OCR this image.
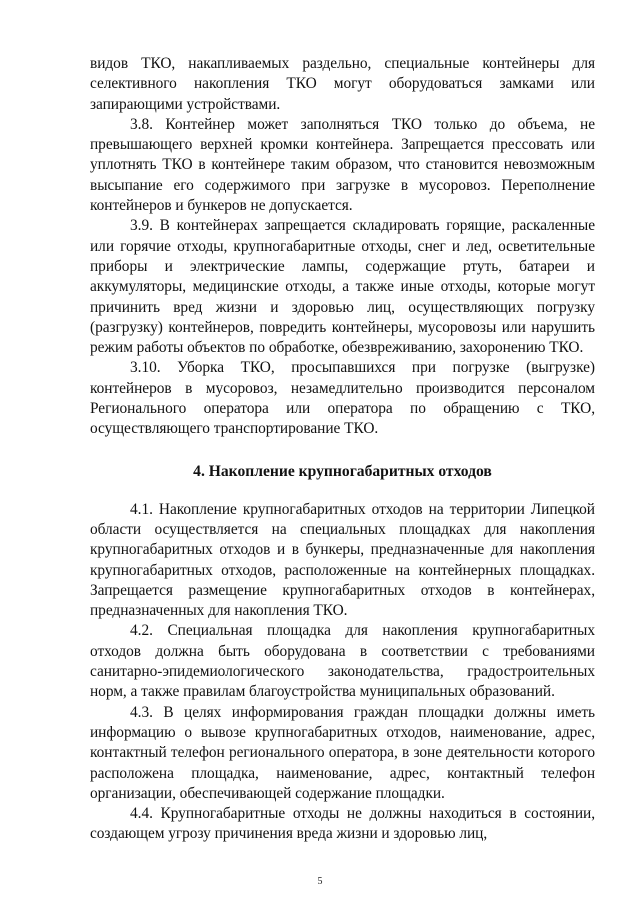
видов ТКО, накапливаемых раздельно, специальные контейнеры для селективного накопления ТКО могут оборудоваться замками или запирающими устройствами.

3.8. Контейнер может заполняться ТКО только до объема, не превышающего верхней кромки контейнера. Запрещается прессовать или уплотнять ТКО в контейнере таким образом, что становится невозможным высыпание его содержимого при загрузке в мусоровоз. Переполнение контейнеров и бункеров не допускается.

3.9. В контейнерах запрещается складировать горящие, раскаленные или горячие отходы, крупногабаритные отходы, снег и лед, осветительные приборы и электрические лампы, содержащие ртуть, батареи и аккумуляторы, медицинские отходы, а также иные отходы, которые могут причинить вред жизни и здоровью лиц, осуществляющих погрузку (разгрузку) контейнеров, повредить контейнеры, мусоровозы или нарушить режим работы объектов по обработке, обезвреживанию, захоронению ТКО.

3.10. Уборка ТКО, просыпавшихся при погрузке (выгрузке) контейнеров в мусоровоз, незамедлительно производится персоналом Регионального оператора или оператора по обращению с ТКО, осуществляющего транспортирование ТКО.

4. Накопление крупногабаритных отходов

4.1. Накопление крупногабаритных отходов на территории Липецкой области осуществляется на специальных площадках для накопления крупногабаритных отходов и в бункеры, предназначенные для накопления крупногабаритных отходов, расположенные на контейнерных площадках. Запрещается размещение крупногабаритных отходов в контейнерах, предназначенных для накопления ТКО.

4.2. Специальная площадка для накопления крупногабаритных отходов должна быть оборудована в соответствии с требованиями санитарно-эпидемиологического законодательства, градостроительных норм, а также правилам благоустройства муниципальных образований.

4.3. В целях информирования граждан площадки должны иметь информацию о вывозе крупногабаритных отходов, наименование, адрес, контактный телефон регионального оператора, в зоне деятельности которого расположена площадка, наименование, адрес, контактный телефон организации, обеспечивающей содержание площадки.

4.4. Крупногабаритные отходы не должны находиться в состоянии, создающем угрозу причинения вреда жизни и здоровью лиц,

5
